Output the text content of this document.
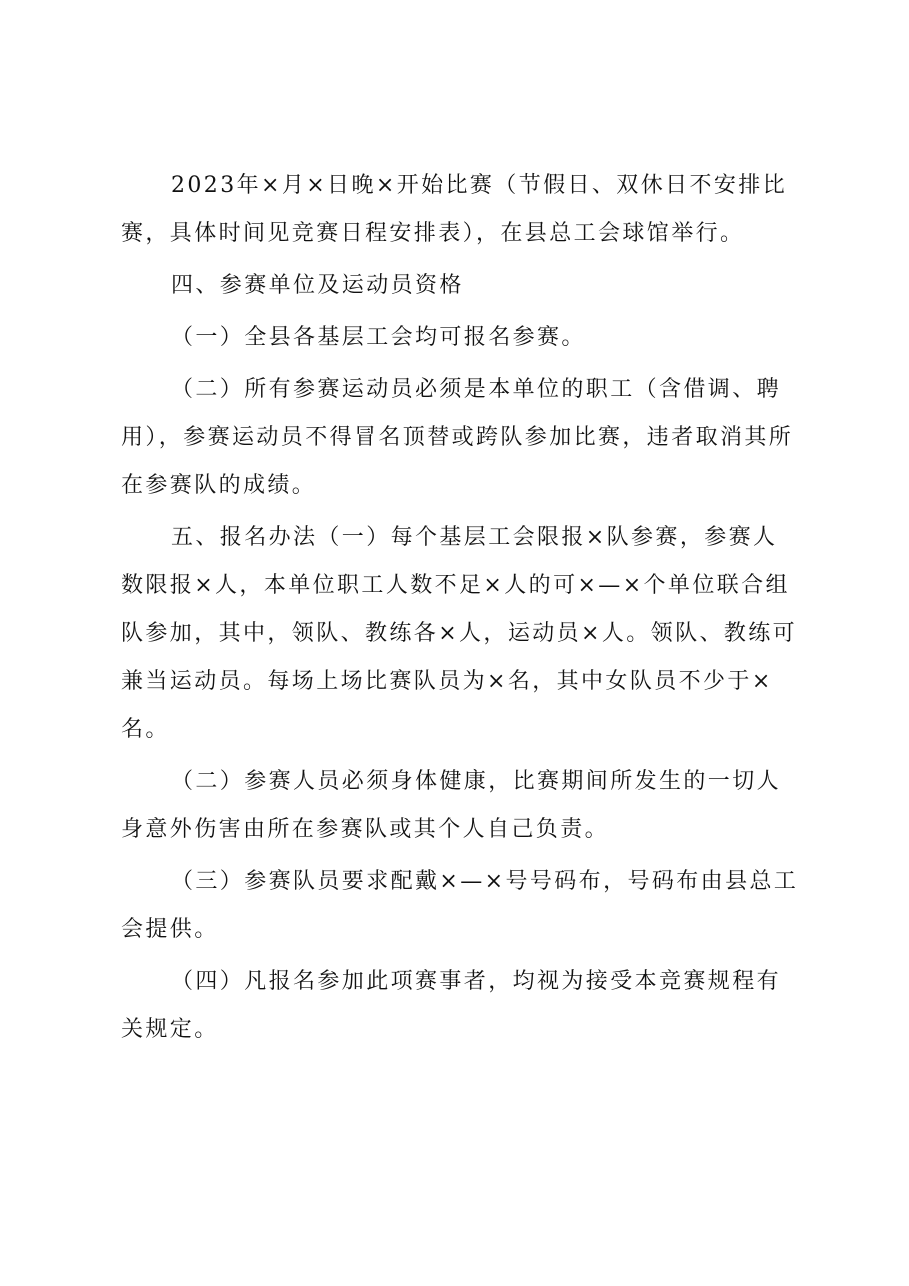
2023年×月×日晚×开始比赛（节假日、双休日不安排比赛，具体时间见竞赛日程安排表），在县总工会球馆举行。

四、参赛单位及运动员资格

（一）全县各基层工会均可报名参赛。

（二）所有参赛运动员必须是本单位的职工（含借调、聘用），参赛运动员不得冒名顶替或跨队参加比赛，违者取消其所在参赛队的成绩。

五、报名办法（一）每个基层工会限报×队参赛，参赛人数限报×人，本单位职工人数不足×人的可×—×个单位联合组队参加，其中，领队、教练各×人，运动员×人。领队、教练可兼当运动员。每场上场比赛队员为×名，其中女队员不少于×名。

（二）参赛人员必须身体健康，比赛期间所发生的一切人身意外伤害由所在参赛队或其个人自己负责。

（三）参赛队员要求配戴×—×号号码布，号码布由县总工会提供。

（四）凡报名参加此项赛事者，均视为接受本竞赛规程有关规定。
